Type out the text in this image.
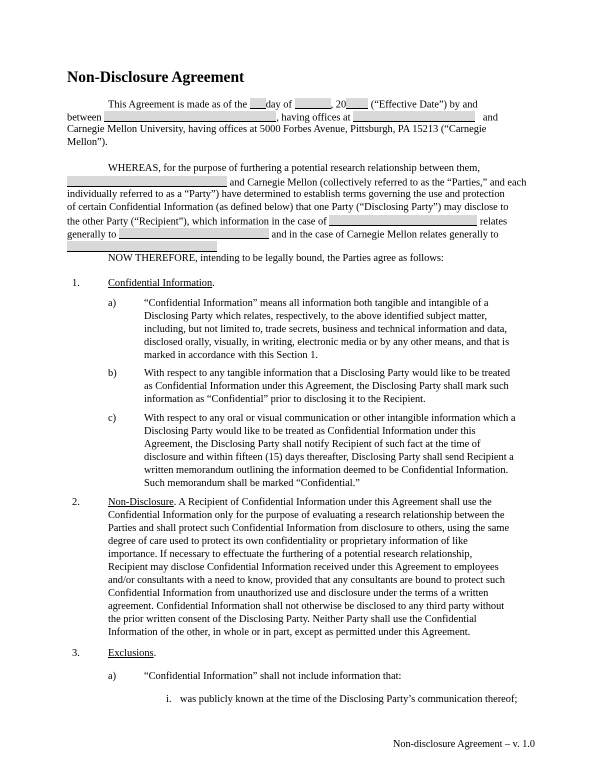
Non-Disclosure Agreement
This Agreement is made as of the day of	, 20 (“Effective Date”) by and
between	, having offices at	and
Carnegie Mellon University, having offices at 5000 Forbes Avenue, Pittsburgh, PA 15213 (“Carnegie
Mellon”).
WHEREAS, for the purpose of furthering a potential research relationship between them,
and Carnegie Mellon (collectively referred to as the “Parties,” and each
individually referred to as a “Party”) have determined to establish terms governing the use and protection
of certain Confidential Information (as defined below) that one Party (“Disclosing Party”) may disclose to
the other Party (“Recipient”), which information in the case of	relates
generally to	and in the case of Carnegie Mellon relates generally to
NOW THEREFORE, intending to be legally bound, the Parties agree as follows:
1.	Confidential Information.
a)	“Confidential Information” means all information both tangible and intangible of a
Disclosing Party which relates, respectively, to the above identified subject matter,
including, but not limited to, trade secrets, business and technical information and data,
disclosed orally, visually, in writing, electronic media or by any other means, and that is
marked in accordance with this Section 1.
b)	With respect to any tangible information that a Disclosing Party would like to be treated
as Confidential Information under this Agreement, the Disclosing Party shall mark such
information as “Confidential” prior to disclosing it to the Recipient.
c)	With respect to any oral or visual communication or other intangible information which a
Disclosing Party would like to be treated as Confidential Information under this
Agreement, the Disclosing Party shall notify Recipient of such fact at the time of
disclosure and within fifteen (15) days thereafter, Disclosing Party shall send Recipient a
written memorandum outlining the information deemed to be Confidential Information.
Such memorandum shall be marked “Confidential.”
2.	Non-Disclosure. A Recipient of Confidential Information under this Agreement shall use the
Confidential Information only for the purpose of evaluating a research relationship between the
Parties and shall protect such Confidential Information from disclosure to others, using the same
degree of care used to protect its own confidentiality or proprietary information of like
importance. If necessary to effectuate the furthering of a potential research relationship,
Recipient may disclose Confidential Information received under this Agreement to employees
and/or consultants with a need to know, provided that any consultants are bound to protect such
Confidential Information from unauthorized use and disclosure under the terms of a written
agreement. Confidential Information shall not otherwise be disclosed to any third party without
the prior written consent of the Disclosing Party. Neither Party shall use the Confidential
Information of the other, in whole or in part, except as permitted under this Agreement.
3.	Exclusions.
a)	“Confidential Information” shall not include information that:
i. was publicly known at the time of the Disclosing Party’s communication thereof;
Non-disclosure Agreement – v. 1.0
